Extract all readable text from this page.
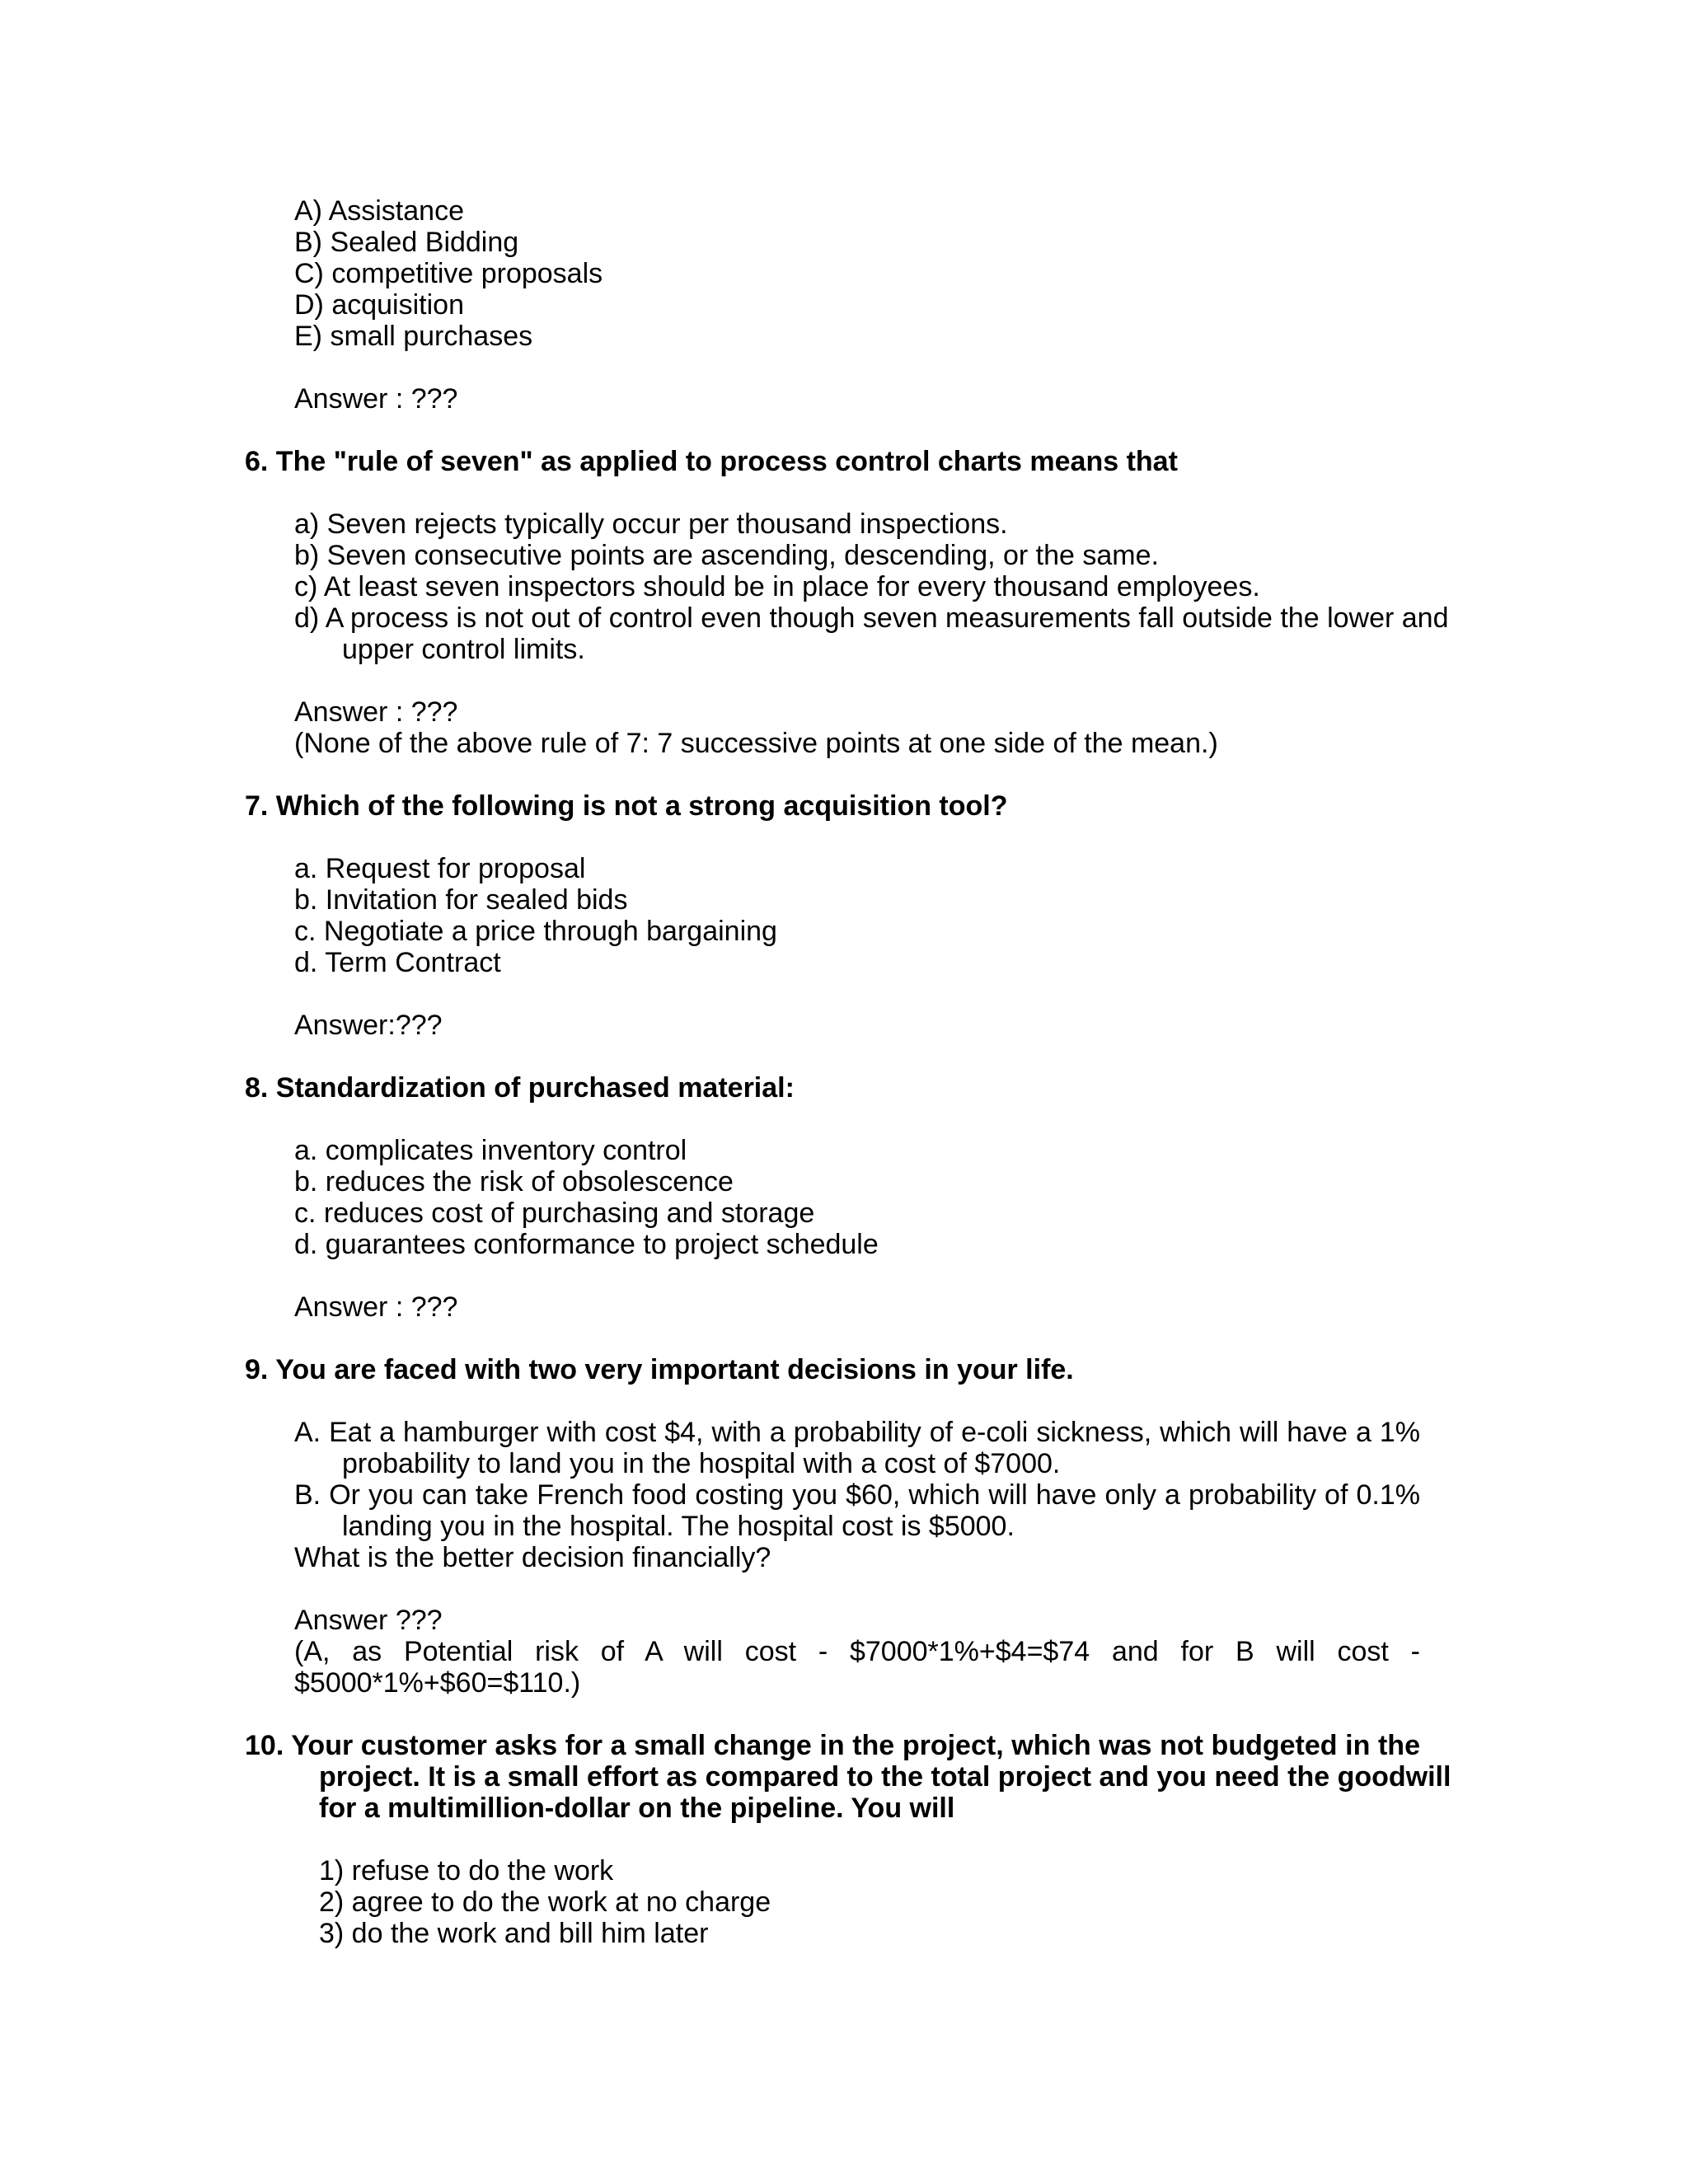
A) Assistance
B) Sealed Bidding
C) competitive proposals
D) acquisition
E) small purchases
Answer : ???
6. The "rule of seven" as applied to process control charts means that
a) Seven rejects typically occur per thousand inspections.
b) Seven consecutive points are ascending, descending, or the same.
c) At least seven inspectors should be in place for every thousand employees.
d) A process is not out of control even though seven measurements fall outside the lower and
upper control limits.
Answer : ???
(None of the above rule of 7: 7 successive points at one side of the mean.)
7. Which of the following is not a strong acquisition tool?
a. Request for proposal
b. Invitation for sealed bids
c. Negotiate a price through bargaining
d. Term Contract
Answer:???
8. Standardization of purchased material:
a. complicates inventory control
b. reduces the risk of obsolescence
c. reduces cost of purchasing and storage
d. guarantees conformance to project schedule
Answer : ???
9. You are faced with two very important decisions in your life.
A. Eat a hamburger with cost $4, with a probability of e-coli sickness, which will have a 1%
probability to land you in the hospital with a cost of $7000.
B. Or you can take French food costing you $60, which will have only a probability of 0.1%
landing you in the hospital. The hospital cost is $5000.
What is the better decision financially?
Answer ???
(A, as Potential risk of A will cost - $7000*1%+$4=$74 and for B will cost -
$5000*1%+$60=$110.)
10. Your customer asks for a small change in the project, which was not budgeted in the
project. It is a small effort as compared to the total project and you need the goodwill
for a multimillion-dollar on the pipeline. You will
1) refuse to do the work
2) agree to do the work at no charge
3) do the work and bill him later
